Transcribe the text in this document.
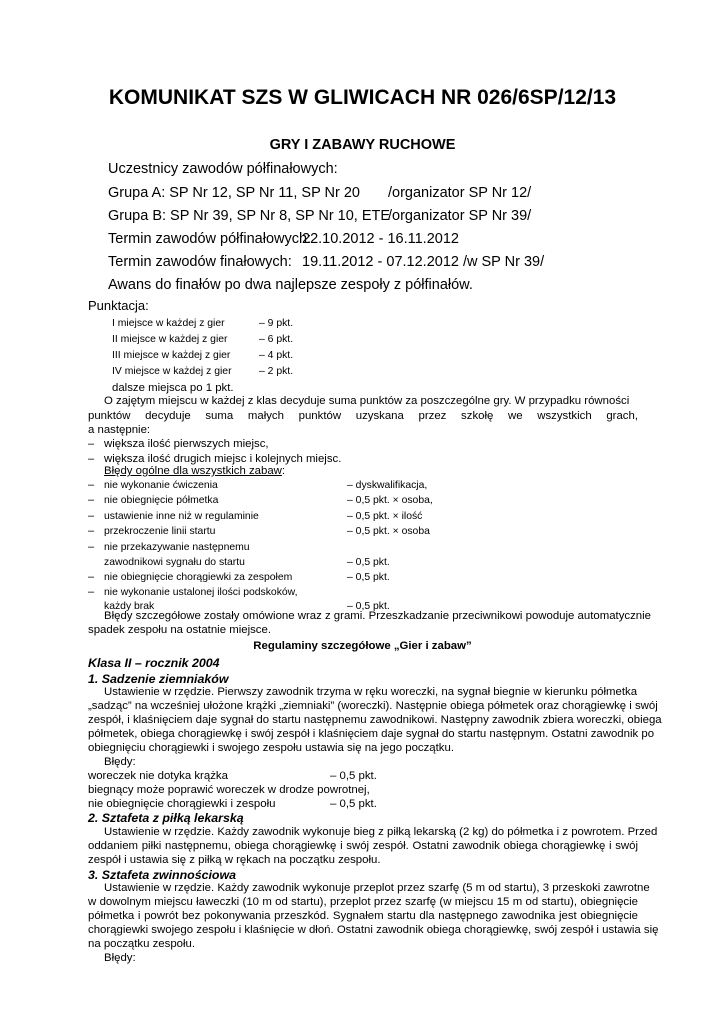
KOMUNIKAT SZS W GLIWICACH NR 026/6SP/12/13
GRY I ZABAWY RUCHOWE
Uczestnicy zawodów półfinałowych:
Grupa A: SP Nr 12, SP Nr 11, SP Nr 20 /organizator SP Nr 12/
Grupa B: SP Nr 39, SP Nr 8, SP Nr 10, ETE
/organizator SP Nr 39/
Termin zawodów półfinałowych:
22.10.2012 - 16.11.2012
Termin zawodów finałowych: 19.11.2012 - 07.12.2012 /w SP Nr 39/
Awans do finałów po dwa najlepsze zespoły z półfinałów.
Punktacja:
I miejsce w każdej z gier	– 9 pkt.
II miejsce w każdej z gier	– 6 pkt.
III miejsce w każdej z gier	– 4 pkt.
IV miejsce w każdej z gier	– 2 pkt.
dalsze miejsca po 1 pkt.
O zajętym miejscu w każdej z klas decyduje suma punktów za poszczególne gry. W przypadku równości
punktów decyduje suma małych punktów uzyskana przez szkołę we wszystkich grach,
a następnie:
– większa ilość pierwszych miejsc,
– większa ilość drugich miejsc i kolejnych miejsc.
Błędy ogólne dla wszystkich zabaw:
– nie wykonanie ćwiczenia	– dyskwalifikacja,
– nie obiegnięcie półmetka	– 0,5 pkt. × osoba,
– ustawienie inne niż w regulaminie	– 0,5 pkt. × ilość
– przekroczenie linii startu	– 0,5 pkt. × osoba
– nie przekazywanie następnemu
zawodnikowi sygnału do startu	– 0,5 pkt.
– nie obiegnięcie chorągiewki za zespołem	– 0,5 pkt.
– nie wykonanie ustalonej ilości podskoków,
każdy brak	– 0,5 pkt.
Błędy szczegółowe zostały omówione wraz z grami. Przeszkadzanie przeciwnikowi powoduje automatycznie
spadek zespołu na ostatnie miejsce.
Regulaminy szczegółowe „Gier i zabaw”
Klasa II – rocznik 2004
1. Sadzenie ziemniaków
Ustawienie w rzędzie. Pierwszy zawodnik trzyma w ręku woreczki, na sygnał biegnie w kierunku półmetka
„sadząc” na wcześniej ułożone krążki „ziemniaki” (woreczki). Następnie obiega półmetek oraz chorągiewkę i swój
zespół, i klaśnięciem daje sygnał do startu następnemu zawodnikowi. Następny zawodnik zbiera woreczki, obiega
półmetek, obiega chorągiewkę i swój zespół i klaśnięciem daje sygnał do startu następnym. Ostatni zawodnik po
obiegnięciu chorągiewki i swojego zespołu ustawia się na jego początku.
Błędy:
woreczek nie dotyka krążka	– 0,5 pkt.
biegnący może poprawić woreczek w drodze powrotnej,
nie obiegnięcie chorągiewki i zespołu	– 0,5 pkt.
2. Sztafeta z piłką lekarską
Ustawienie w rzędzie. Każdy zawodnik wykonuje bieg z piłką lekarską (2 kg) do półmetka i z powrotem. Przed
oddaniem piłki następnemu, obiega chorągiewkę i swój zespół. Ostatni zawodnik obiega chorągiewkę i swój
zespół i ustawia się z piłką w rękach na początku zespołu.
3. Sztafeta zwinnościowa
Ustawienie w rzędzie. Każdy zawodnik wykonuje przeplot przez szarfę (5 m od startu), 3 przeskoki zawrotne
w dowolnym miejscu ławeczki (10 m od startu), przeplot przez szarfę (w miejscu 15 m od startu), obiegnięcie
półmetka i powrót bez pokonywania przeszkód. Sygnałem startu dla następnego zawodnika jest obiegnięcie
chorągiewki swojego zespołu i klaśnięcie w dłoń. Ostatni zawodnik obiega chorągiewkę, swój zespół i ustawia się
na początku zespołu.
Błędy:
